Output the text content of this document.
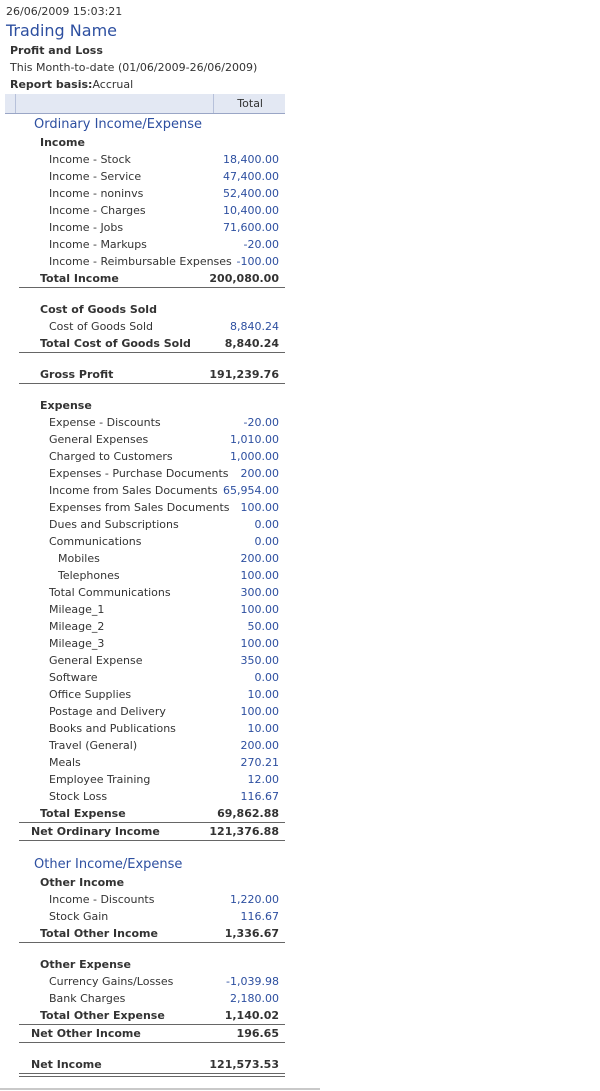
26/06/2009 15:03:21
Trading Name
Profit and Loss
This Month-to-date (01/06/2009-26/06/2009)
Report basis:Accrual
Total
Ordinary Income/Expense
Income
Income - Stock	18,400.00
Income - Service	47,400.00
Income - noninvs	52,400.00
Income - Charges	10,400.00
Income - Jobs	71,600.00
Income - Markups	-20.00
Income - Reimbursable Expenses -100.00
Total Income	200,080.00
Cost of Goods Sold
Cost of Goods Sold	8,840.24
Total Cost of Goods Sold	8,840.24
Gross Profit	191,239.76
Expense
Expense - Discounts	-20.00
General Expenses	1,010.00
Charged to Customers	1,000.00
Expenses - Purchase Documents 200.00
Income from Sales Documents 65,954.00
Expenses from Sales Documents 100.00
Dues and Subscriptions	0.00
Communications	0.00
Mobiles	200.00
Telephones	100.00
Total Communications	300.00
Mileage_1	100.00
Mileage_2	50.00
Mileage_3	100.00
General Expense	350.00
Software	0.00
Office Supplies	10.00
Postage and Delivery	100.00
Books and Publications	10.00
Travel (General)	200.00
Meals	270.21
Employee Training	12.00
Stock Loss	116.67
Total Expense	69,862.88
Net Ordinary Income	121,376.88
Other Income/Expense
Other Income
Income - Discounts	1,220.00
Stock Gain	116.67
Total Other Income	1,336.67
Other Expense
Currency Gains/Losses	-1,039.98
Bank Charges	2,180.00
Total Other Expense	1,140.02
Net Other Income	196.65
Net Income	121,573.53
